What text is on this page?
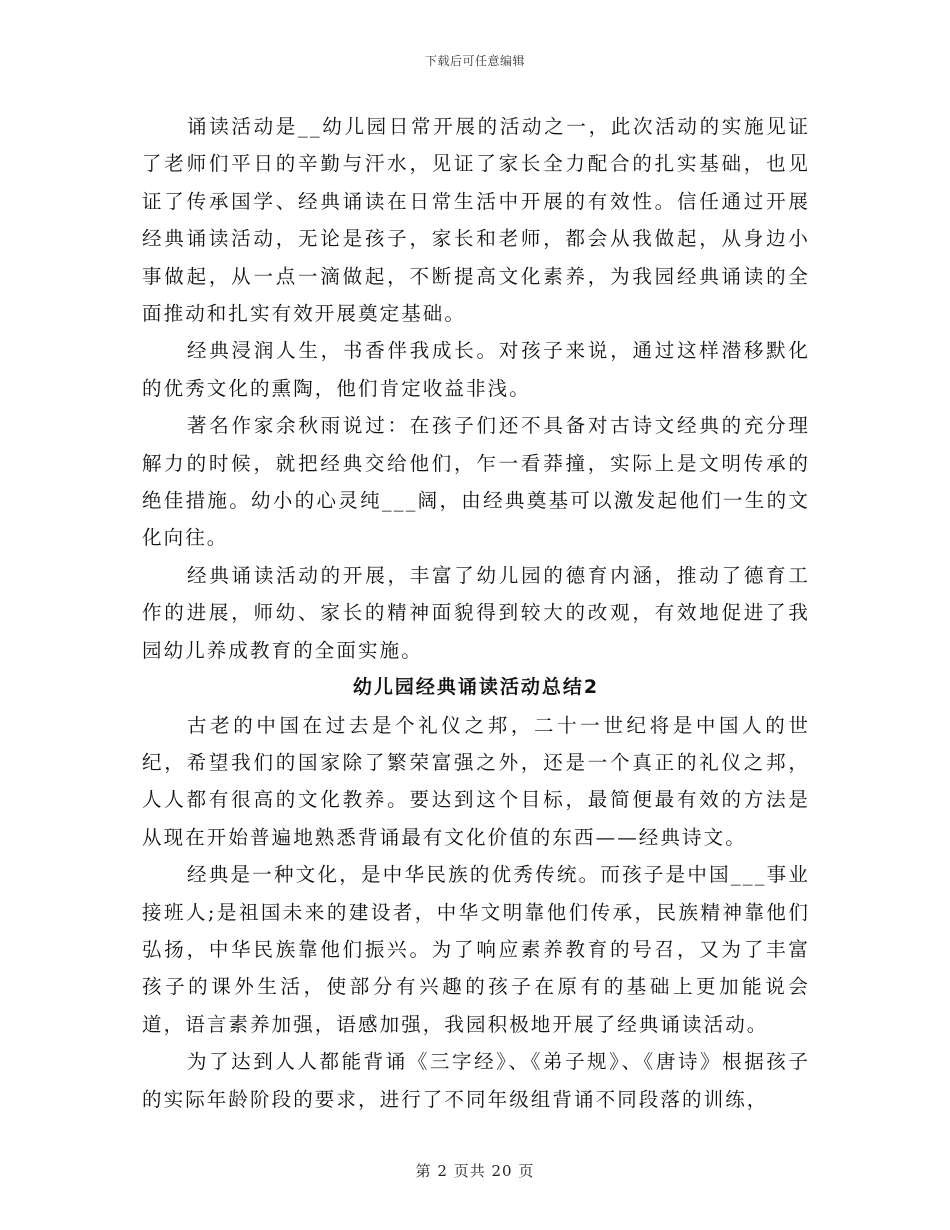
下载后可任意编辑

诵读活动是__幼儿园日常开展的活动之一，此次活动的实施见证了老师们平日的辛勤与汗水，见证了家长全力配合的扎实基础，也见证了传承国学、经典诵读在日常生活中开展的有效性。信任通过开展经典诵读活动，无论是孩子，家长和老师，都会从我做起，从身边小事做起，从一点一滴做起，不断提高文化素养，为我园经典诵读的全面推动和扎实有效开展奠定基础。

经典浸润人生，书香伴我成长。对孩子来说，通过这样潜移默化的优秀文化的熏陶，他们肯定收益非浅。

著名作家余秋雨说过：在孩子们还不具备对古诗文经典的充分理解力的时候，就把经典交给他们，乍一看莽撞，实际上是文明传承的绝佳措施。幼小的心灵纯___阔，由经典奠基可以激发起他们一生的文化向往。

经典诵读活动的开展，丰富了幼儿园的德育内涵，推动了德育工作的进展，师幼、家长的精神面貌得到较大的改观，有效地促进了我园幼儿养成教育的全面实施。

幼儿园经典诵读活动总结2

古老的中国在过去是个礼仪之邦，二十一世纪将是中国人的世纪，希望我们的国家除了繁荣富强之外，还是一个真正的礼仪之邦，人人都有很高的文化教养。要达到这个目标，最简便最有效的方法是从现在开始普遍地熟悉背诵最有文化价值的东西——经典诗文。

经典是一种文化，是中华民族的优秀传统。而孩子是中国___事业接班人;是祖国未来的建设者，中华文明靠他们传承，民族精神靠他们弘扬，中华民族靠他们振兴。为了响应素养教育的号召，又为了丰富孩子的课外生活，使部分有兴趣的孩子在原有的基础上更加能说会道，语言素养加强，语感加强，我园积极地开展了经典诵读活动。

为了达到人人都能背诵《三字经》、《弟子规》、《唐诗》根据孩子的实际年龄阶段的要求，进行了不同年级组背诵不同段落的训练，

第 2 页共 20 页
